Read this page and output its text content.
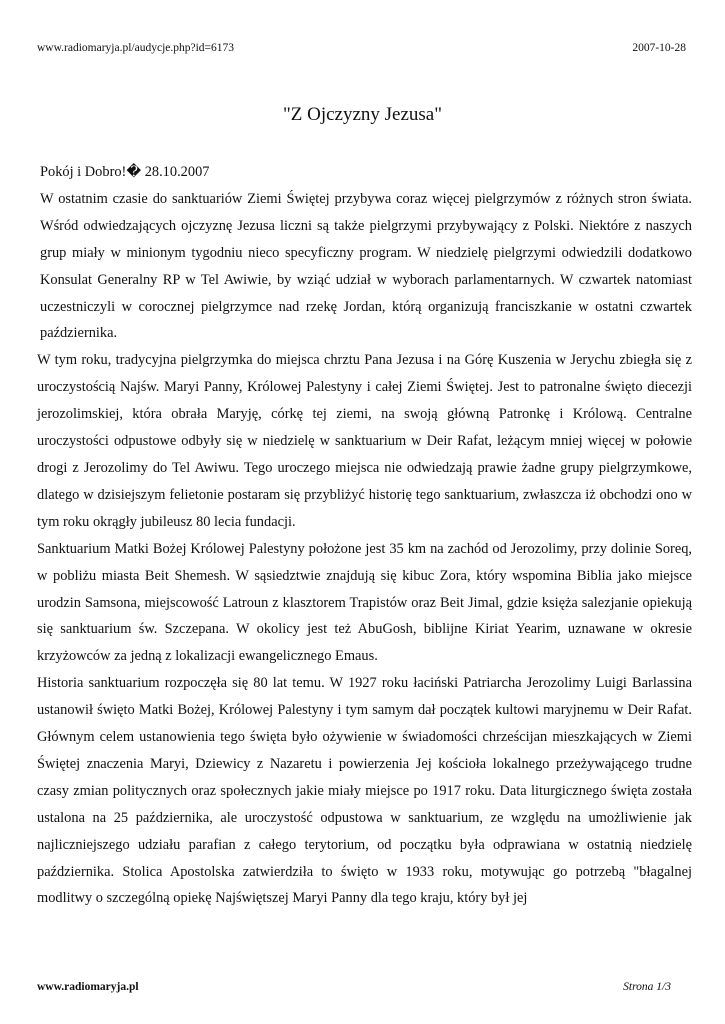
www.radiomaryja.pl/audycje.php?id=6173	2007-10-28
"Z Ojczyzny Jezusa"
Pokój i Dobro!� 28.10.2007

W ostatnim czasie do sanktuariów Ziemi Świętej przybywa coraz więcej pielgrzymów z różnych stron świata. Wśród odwiedzających ojczyznę Jezusa liczni są także pielgrzymi przybywający z Polski. Niektóre z naszych grup miały w minionym tygodniu nieco specyficzny program. W niedzielę pielgrzymi odwiedzili dodatkowo Konsulat Generalny RP w Tel Awiwie, by wziąć udział w wyborach parlamentarnych. W czwartek natomiast uczestniczyli w corocznej pielgrzymce nad rzekę Jordan, którą organizują franciszkanie w ostatni czwartek października.

W tym roku, tradycyjna pielgrzymka do miejsca chrztu Pana Jezusa i na Górę Kuszenia w Jerychu zbiegła się z uroczystością Najśw. Maryi Panny, Królowej Palestyny i całej Ziemi Świętej. Jest to patronalne święto diecezji jerozolimskiej, która obrała Maryję, córkę tej ziemi, na swoją główną Patronkę i Królową. Centralne uroczystości odpustowe odbyły się w niedzielę w sanktuarium w Deir Rafat, leżącym mniej więcej w połowie drogi z Jerozolimy do Tel Awiwu. Tego uroczego miejsca nie odwiedzają prawie żadne grupy pielgrzymkowe, dlatego w dzisiejszym felietonie postaram się przybliżyć historię tego sanktuarium, zwłaszcza iż obchodzi ono w tym roku okrągły jubileusz 80 lecia fundacji.

Sanktuarium Matki Bożej Królowej Palestyny położone jest 35 km na zachód od Jerozolimy, przy dolinie Soreq, w pobliżu miasta Beit Shemesh. W sąsiedztwie znajdują się kibuc Zora, który wspomina Biblia jako miejsce urodzin Samsona, miejscowość Latroun z klasztorem Trapistów oraz Beit Jimal, gdzie księża salezjanie opiekują się sanktuarium św. Szczepana. W okolicy jest też AbuGosh, biblijne Kiriat Yearim, uznawane w okresie krzyżowców za jedną z lokalizacji ewangelicznego Emaus.

Historia sanktuarium rozpoczęła się 80 lat temu. W 1927 roku łaciński Patriarcha Jerozolimy Luigi Barlassina ustanowił święto Matki Bożej, Królowej Palestyny i tym samym dał początek kultowi maryjnemu w Deir Rafat. Głównym celem ustanowienia tego święta było ożywienie w świadomości chrześcijan mieszkających w Ziemi Świętej znaczenia Maryi, Dziewicy z Nazaretu i powierzenia Jej kościoła lokalnego przeżywającego trudne czasy zmian politycznych oraz społecznych jakie miały miejsce po 1917 roku. Data liturgicznego święta została ustalona na 25 października, ale uroczystość odpustowa w sanktuarium, ze względu na umożliwienie jak najliczniejszego udziału parafian z całego terytorium, od początku była odprawiana w ostatnią niedzielę października. Stolica Apostolska zatwierdziła to święto w 1933 roku, motywując go potrzebą "błagalnej modlitwy o szczególną opiekę Najświętszej Maryi Panny dla tego kraju, który był jej

www.radiomaryja.pl	Strona 1/3
